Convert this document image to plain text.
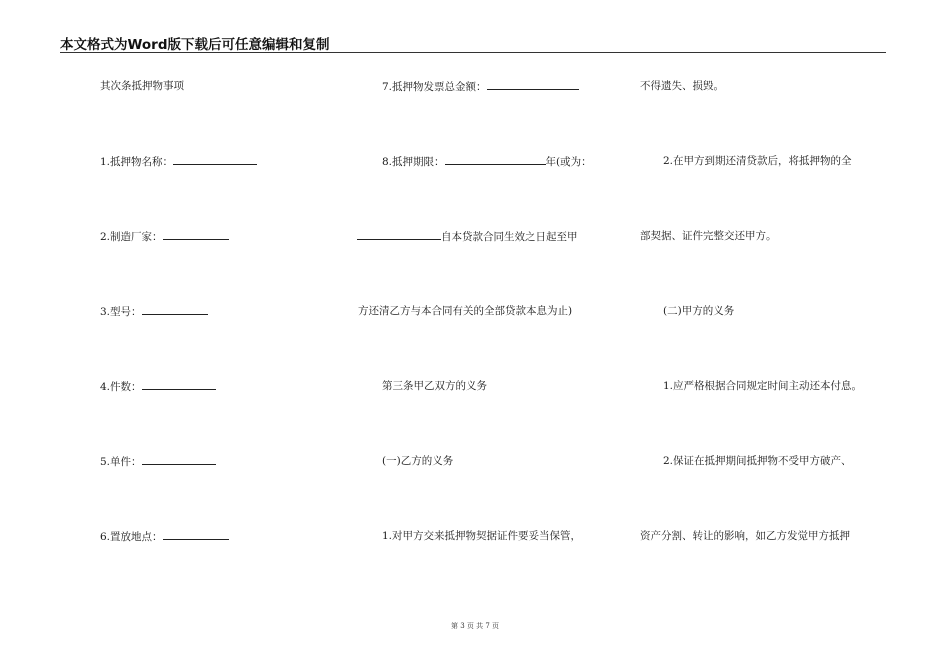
本文格式为Word版下载后可任意编辑和复制
其次条抵押物事项
1.抵押物名称：
2.制造厂家：
3.型号：
4.件数：
5.单件：
6.置放地点：
7.抵押物发票总金额：
8.抵押期限：	年(或为：
自本贷款合同生效之日起至甲
方还清乙方与本合同有关的全部贷款本息为止)
第三条甲乙双方的义务
(一)乙方的义务
1.对甲方交来抵押物契据证件要妥当保管，
不得遗失、损毁。
2.在甲方到期还清贷款后，将抵押物的全
部契据、证件完整交还甲方。
(二)甲方的义务
1.应严格根据合同规定时间主动还本付息。
2.保证在抵押期间抵押物不受甲方破产、
资产分割、转让的影响，如乙方发觉甲方抵押
第 3 页 共 7 页
